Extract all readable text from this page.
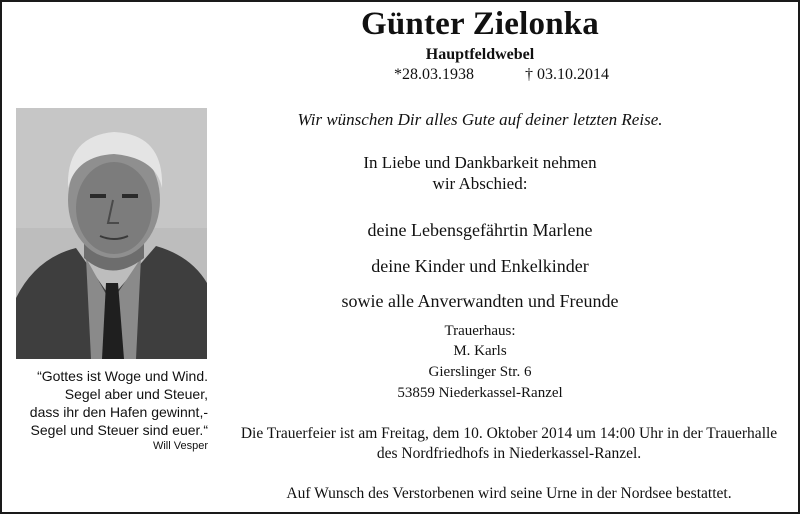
Günter Zielonka
Hauptfeldwebel
*28.03.1938	† 03.10.2014
“Gottes ist Woge und Wind.
Segel aber und Steuer,
dass ihr den Hafen gewinnt,-
Segel und Steuer sind euer.“
Will Vesper
Wir wünschen Dir alles Gute auf deiner letzten Reise.
In Liebe und Dankbarkeit nehmen
wir Abschied:
deine Lebensgefährtin Marlene
deine Kinder und Enkelkinder
sowie alle Anverwandten und Freunde
Trauerhaus:
M. Karls
Gierslinger Str. 6
53859 Niederkassel-Ranzel
Die Trauerfeier ist am Freitag, dem 10. Oktober 2014 um 14:00 Uhr in der Trauerhalle
des Nordfriedhofs in Niederkassel-Ranzel.
Auf Wunsch des Verstorbenen wird seine Urne in der Nordsee bestattet.
